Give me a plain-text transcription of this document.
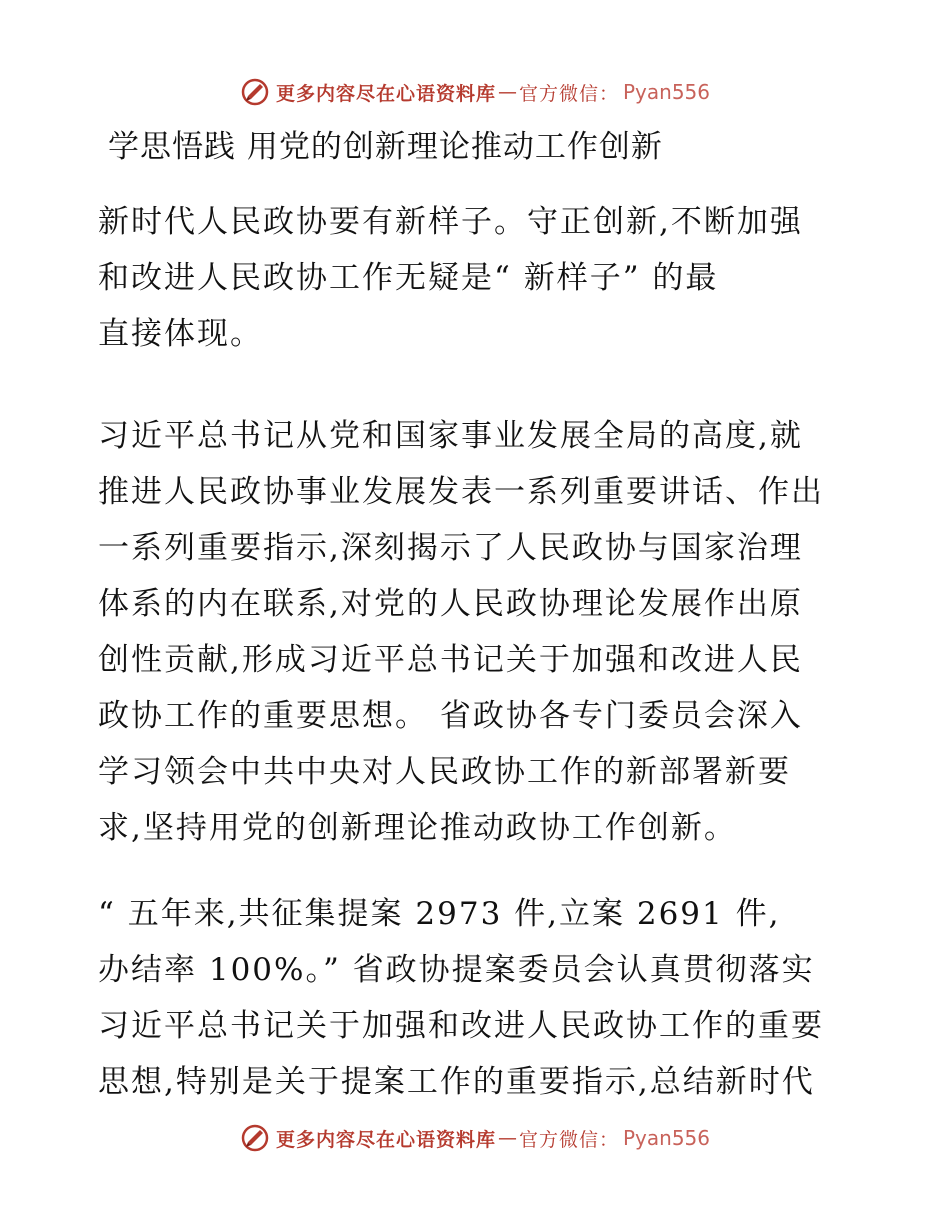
更多内容尽在心语资料库 — 官方微信： Pyan556
学思悟践 用党的创新理论推动工作创新
新时代人民政协要有新样子。守正创新,不断加强
和改进人民政协工作无疑是“ 新样子” 的最
直接体现。
习近平总书记从党和国家事业发展全局的高度,就
推进人民政协事业发展发表一系列重要讲话、作出
一系列重要指示,深刻揭示了人民政协与国家治理
体系的内在联系,对党的人民政协理论发展作出原
创性贡献,形成习近平总书记关于加强和改进人民
政协工作的重要思想。 省政协各专门委员会深入
学习领会中共中央对人民政协工作的新部署新要
求,坚持用党的创新理论推动政协工作创新。
“ 五年来,共征集提案 2973 件,立案 2691 件,
办结率 100%。” 省政协提案委员会认真贯彻落实
习近平总书记关于加强和改进人民政协工作的重要
思想,特别是关于提案工作的重要指示,总结新时代
更多内容尽在心语资料库 — 官方微信： Pyan556
